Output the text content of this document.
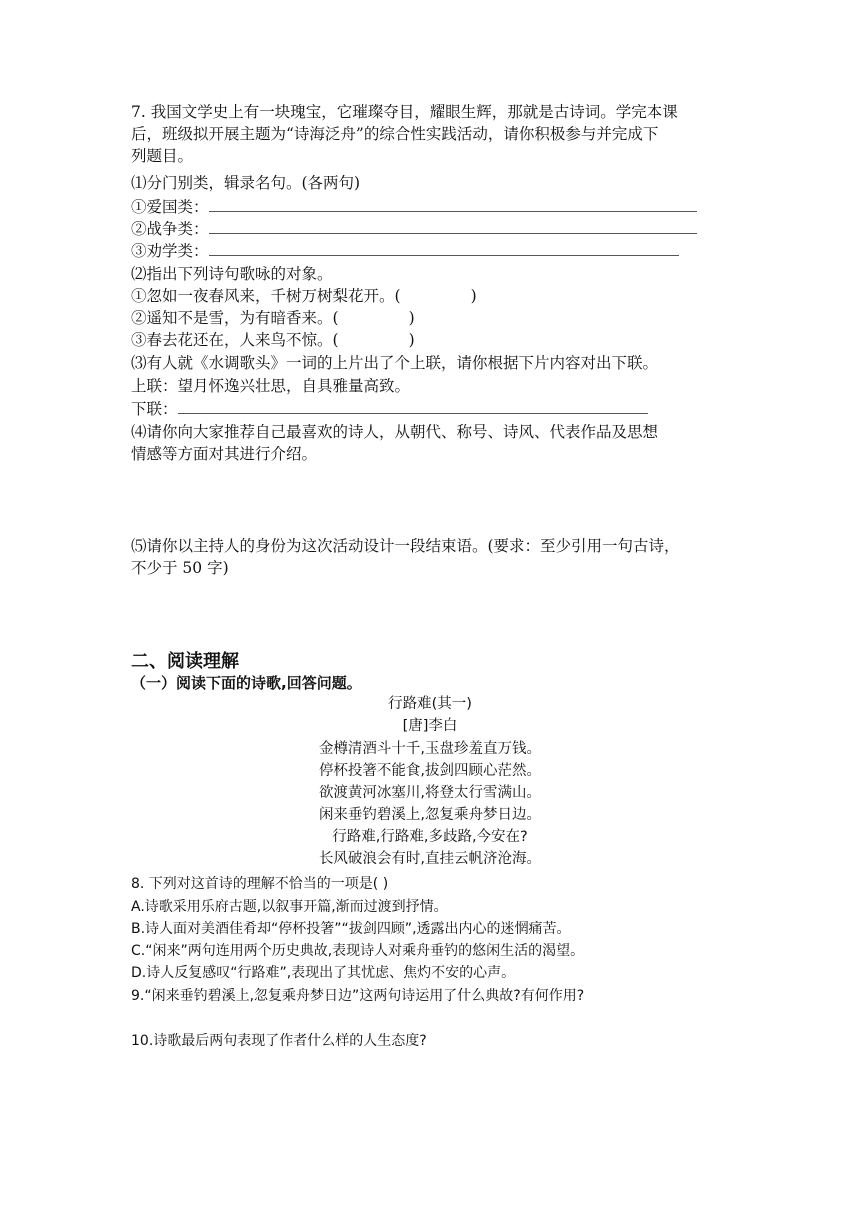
7. 我国文学史上有一块瑰宝，它璀璨夺目，耀眼生辉，那就是古诗词。学完本课
后，班级拟开展主题为“诗海泛舟”的综合性实践活动，请你积极参与并完成下
列题目。
⑴分门别类，辑录名句。(各两句)
①爱国类：
②战争类：
③劝学类：
⑵指出下列诗句歌咏的对象。
①忽如一夜春风来，千树万树梨花开。(	)
②遥知不是雪，为有暗香来。(	)
③春去花还在，人来鸟不惊。(	)
⑶有人就《水调歌头》一词的上片出了个上联，请你根据下片内容对出下联。
上联：望月怀逸兴壮思，自具雅量高致。
下联：
⑷请你向大家推荐自己最喜欢的诗人，从朝代、称号、诗风、代表作品及思想
情感等方面对其进行介绍。
⑸请你以主持人的身份为这次活动设计一段结束语。(要求：至少引用一句古诗，
不少于 50 字)
二、阅读理解
（一）阅读下面的诗歌,回答问题。
行路难(其一)
[唐]李白
金樽清酒斗十千,玉盘珍羞直万钱。
停杯投箸不能食,拔剑四顾心茫然。
欲渡黄河冰塞川,将登太行雪满山。
闲来垂钓碧溪上,忽复乘舟梦日边。
行路难,行路难,多歧路,今安在?
长风破浪会有时,直挂云帆济沧海。
8. 下列对这首诗的理解不恰当的一项是( )
A.诗歌采用乐府古题,以叙事开篇,渐而过渡到抒情。
B.诗人面对美酒佳肴却“停杯投箸”“拔剑四顾”,透露出内心的迷惘痛苦。
C.“闲来”两句连用两个历史典故,表现诗人对乘舟垂钓的悠闲生活的渴望。
D.诗人反复感叹“行路难”,表现出了其忧虑、焦灼不安的心声。
9.“闲来垂钓碧溪上,忽复乘舟梦日边”这两句诗运用了什么典故?有何作用?
10.诗歌最后两句表现了作者什么样的人生态度?
